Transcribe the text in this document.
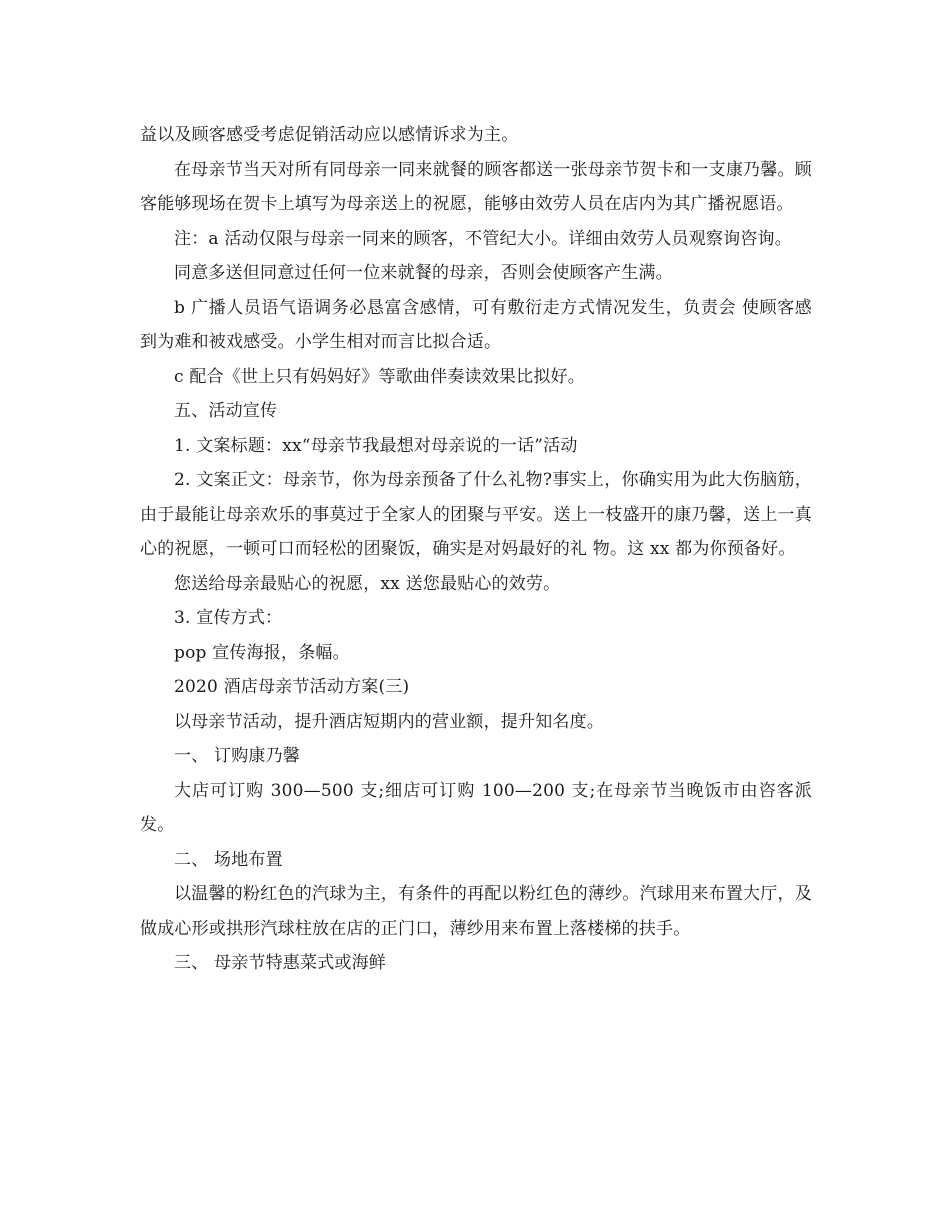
益以及顾客感受考虑促销活动应以感情诉求为主。

在母亲节当天对所有同母亲一同来就餐的顾客都送一张母亲节贺卡和一支康乃馨。顾客能够现场在贺卡上填写为母亲送上的祝愿，能够由效劳人员在店内为其广播祝愿语。

注：a 活动仅限与母亲一同来的顾客，不管纪大小。详细由效劳人员观察询咨询。

同意多送但同意过任何一位来就餐的母亲，否则会使顾客产生满。

b 广播人员语气语调务必恳富含感情，可有敷衍走方式情况发生，负责会 使顾客感到为难和被戏感受。小学生相对而言比拟合适。

c 配合《世上只有妈妈好》等歌曲伴奏读效果比拟好。

五、活动宣传

1. 文案标题：xx“母亲节我最想对母亲说的一话”活动

2. 文案正文：母亲节，你为母亲预备了什么礼物?事实上，你确实用为此大伤脑筋，由于最能让母亲欢乐的事莫过于全家人的团聚与平安。送上一枝盛开的康乃馨，送上一真心的祝愿，一顿可口而轻松的团聚饭，确实是对妈最好的礼 物。这 xx 都为你预备好。

您送给母亲最贴心的祝愿，xx 送您最贴心的效劳。

3. 宣传方式：

pop 宣传海报，条幅。

2020 酒店母亲节活动方案(三)

以母亲节活动，提升酒店短期内的营业额，提升知名度。

一、 订购康乃馨

大店可订购 300—500 支;细店可订购 100—200 支;在母亲节当晚饭市由咨客派发。

二、 场地布置

以温馨的粉红色的汽球为主，有条件的再配以粉红色的薄纱。汽球用来布置大厅，及做成心形或拱形汽球柱放在店的正门口，薄纱用来布置上落楼梯的扶手。

三、 母亲节特惠菜式或海鲜
